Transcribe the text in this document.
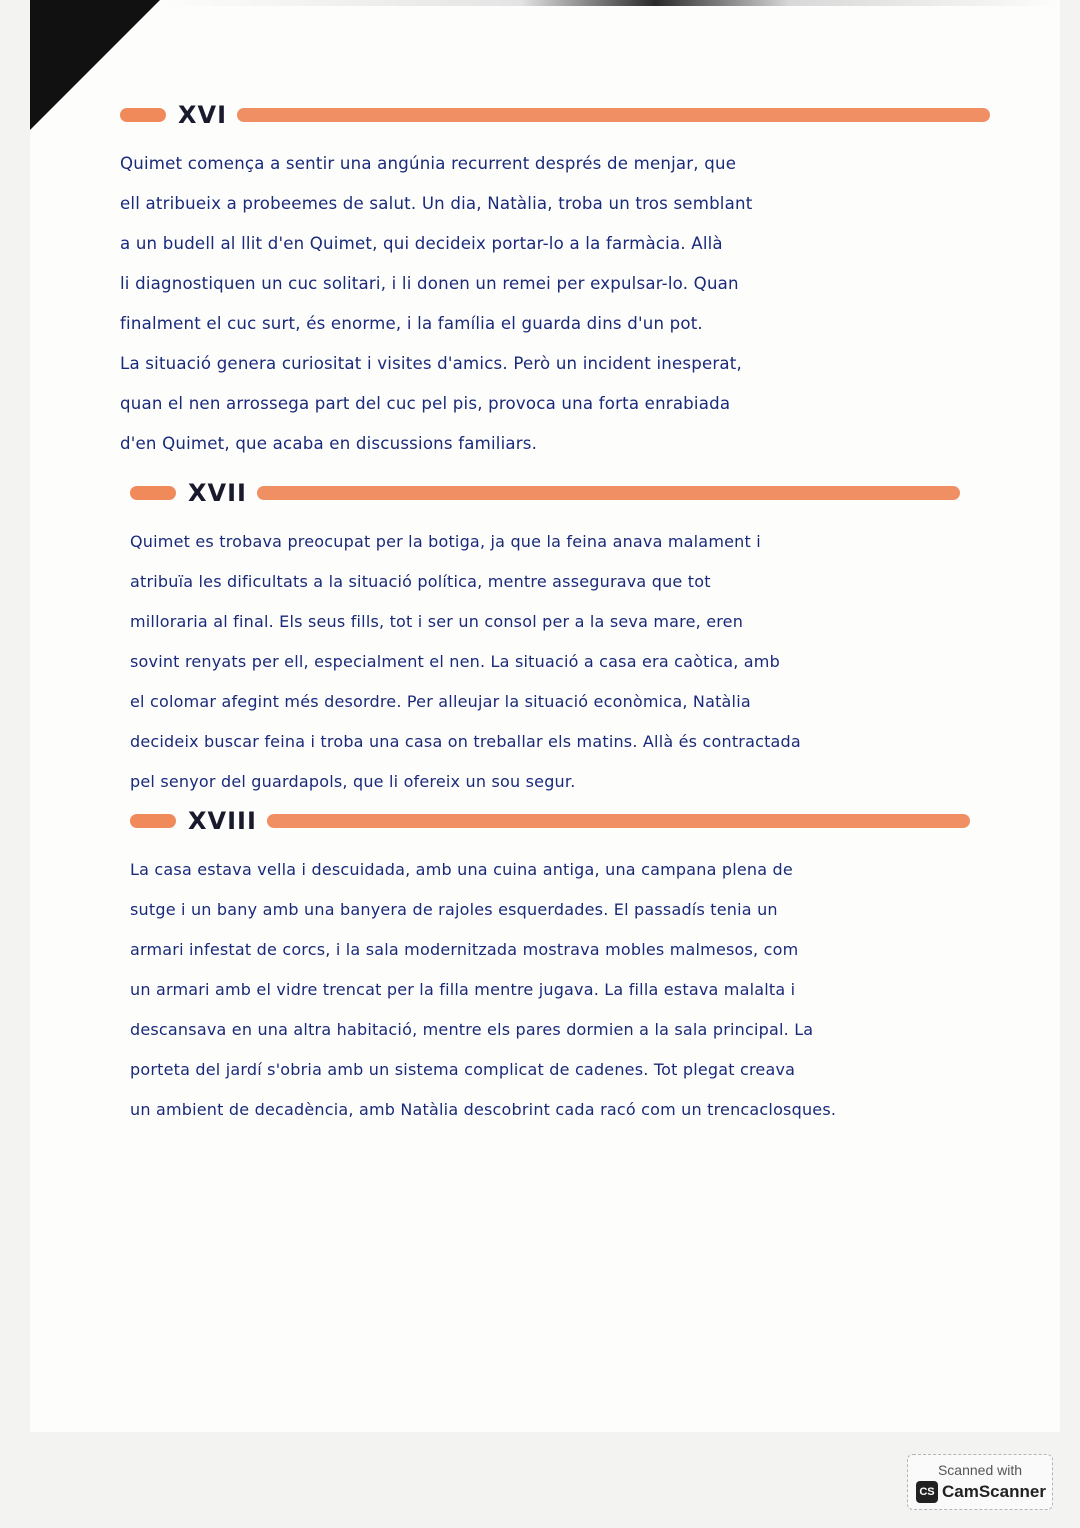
XVI
Quimet comença a sentir una angúnia recurrent després de menjar, que
ell atribueix a probeemes de salut. Un dia, Natàlia, troba un tros semblant
a un budell al llit d'en Quimet, qui decideix portar-lo a la farmàcia. Allà
li diagnostiquen un cuc solitari, i li donen un remei per expulsar-lo. Quan
finalment el cuc surt, és enorme, i la família el guarda dins d'un pot.
La situació genera curiositat i visites d'amics. Però un incident inesperat,
quan el nen arrossega part del cuc pel pis, provoca una forta enrabiada
d'en Quimet, que acaba en discussions familiars.
XVII
Quimet es trobava preocupat per la botiga, ja que la feina anava malament i
atribuïa les dificultats a la situació política, mentre assegurava que tot
milloraria al final. Els seus fills, tot i ser un consol per a la seva mare, eren
sovint renyats per ell, especialment el nen. La situació a casa era caòtica, amb
el colomar afegint més desordre. Per alleujar la situació econòmica, Natàlia
decideix buscar feina i troba una casa on treballar els matins. Allà és contractada
pel senyor del guardapols, que li ofereix un sou segur.
XVIII
La casa estava vella i descuidada, amb una cuina antiga, una campana plena de
sutge i un bany amb una banyera de rajoles esquerdades. El passadís tenia un
armari infestat de corcs, i la sala modernitzada mostrava mobles malmesos, com
un armari amb el vidre trencat per la filla mentre jugava. La filla estava malalta i
descansava en una altra habitació, mentre els pares dormien a la sala principal. La
porteta del jardí s'obria amb un sistema complicat de cadenes. Tot plegat creava
un ambient de decadència, amb Natàlia descobrint cada racó com un trencaclosques.
Scanned with
CS CamScanner
